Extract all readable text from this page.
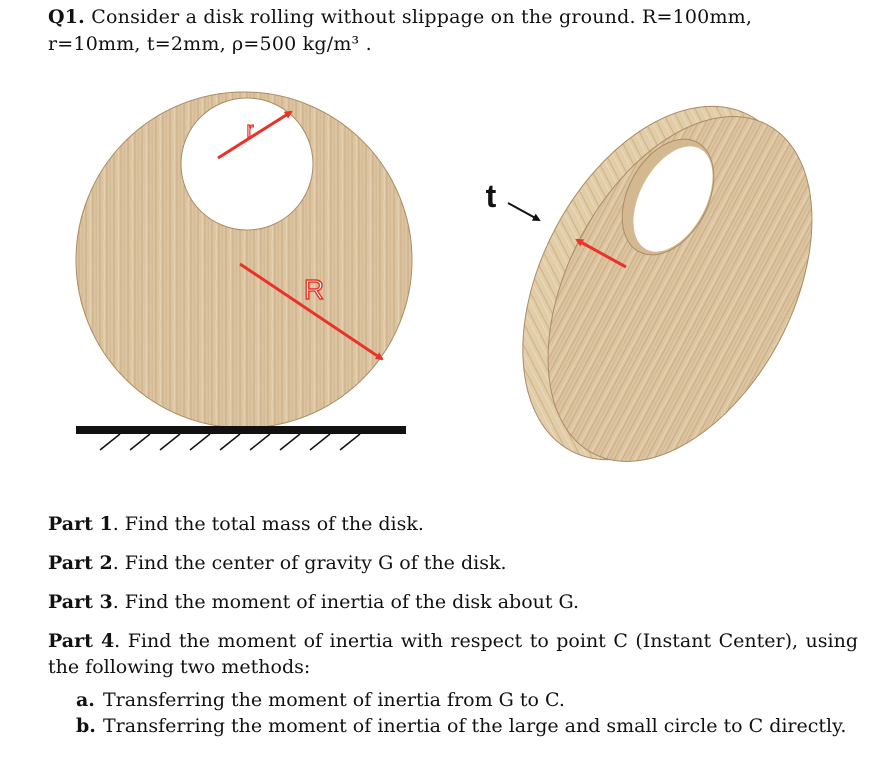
Q1. Consider a disk rolling without slippage on the ground. R=100mm,
r=10mm, t=2mm, ρ=500 kg/m³ .
r
R
t
Part 1. Find the total mass of the disk.
Part 2. Find the center of gravity G of the disk.
Part 3. Find the moment of inertia of the disk about G.
Part 4. Find the moment of inertia with respect to point C (Instant Center), using the following two methods:
a. Transferring the moment of inertia from G to C.
b. Transferring the moment of inertia of the large and small circle to C directly.
